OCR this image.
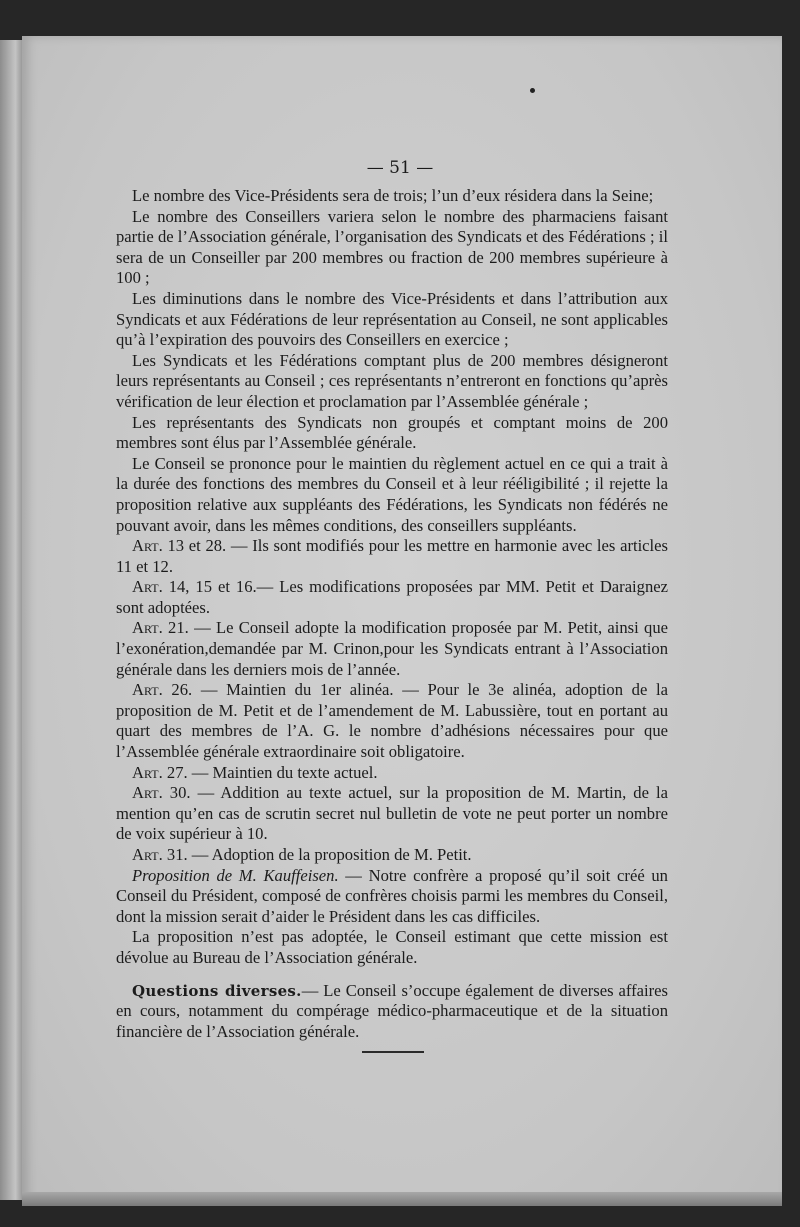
— 51 —

Le nombre des Vice-Présidents sera de trois; l’un d’eux résidera dans la Seine;

Le nombre des Conseillers variera selon le nombre des pharmaciens faisant partie de l’Association générale, l’organisation des Syndicats et des Fédérations ; il sera de un Conseiller par 200 membres ou fraction de 200 membres supérieure à 100 ;

Les diminutions dans le nombre des Vice-Présidents et dans l’attribution aux Syndicats et aux Fédérations de leur représentation au Conseil, ne sont applicables qu’à l’expiration des pouvoirs des Conseillers en exercice ;

Les Syndicats et les Fédérations comptant plus de 200 membres désigneront leurs représentants au Conseil ; ces représentants n’entreront en fonctions qu’après vérification de leur élection et proclamation par l’Assemblée générale ;

Les représentants des Syndicats non groupés et comptant moins de 200 membres sont élus par l’Assemblée générale.

Le Conseil se prononce pour le maintien du règlement actuel en ce qui a trait à la durée des fonctions des membres du Conseil et à leur rééligibilité ; il rejette la proposition relative aux suppléants des Fédérations, les Syndicats non fédérés ne pouvant avoir, dans les mêmes conditions, des conseillers suppléants.

Art. 13 et 28. — Ils sont modifiés pour les mettre en harmonie avec les articles 11 et 12.

Art. 14, 15 et 16.— Les modifications proposées par MM. Petit et Daraignez sont adoptées.

Art. 21. — Le Conseil adopte la modification proposée par M. Petit, ainsi que l’exonération,demandée par M. Crinon,pour les Syndicats entrant à l’Association générale dans les derniers mois de l’année.

Art. 26. — Maintien du 1er alinéa. — Pour le 3e alinéa, adoption de la proposition de M. Petit et de l’amendement de M. Labussière, tout en portant au quart des membres de l’A. G. le nombre d’adhésions nécessaires pour que l’Assemblée générale extraordinaire soit obligatoire.

Art. 27. — Maintien du texte actuel.

Art. 30. — Addition au texte actuel, sur la proposition de M. Martin, de la mention qu’en cas de scrutin secret nul bulletin de vote ne peut porter un nombre de voix supérieur à 10.

Art. 31. — Adoption de la proposition de M. Petit.

Proposition de M. Kauffeisen. — Notre confrère a proposé qu’il soit créé un Conseil du Président, composé de confrères choisis parmi les membres du Conseil, dont la mission serait d’aider le Président dans les cas difficiles.

La proposition n’est pas adoptée, le Conseil estimant que cette mission est dévolue au Bureau de l’Association générale.

Questions diverses.— Le Conseil s’occupe également de diverses affaires en cours, notamment du compérage médico-pharmaceutique et de la situation financière de l’Association générale.
